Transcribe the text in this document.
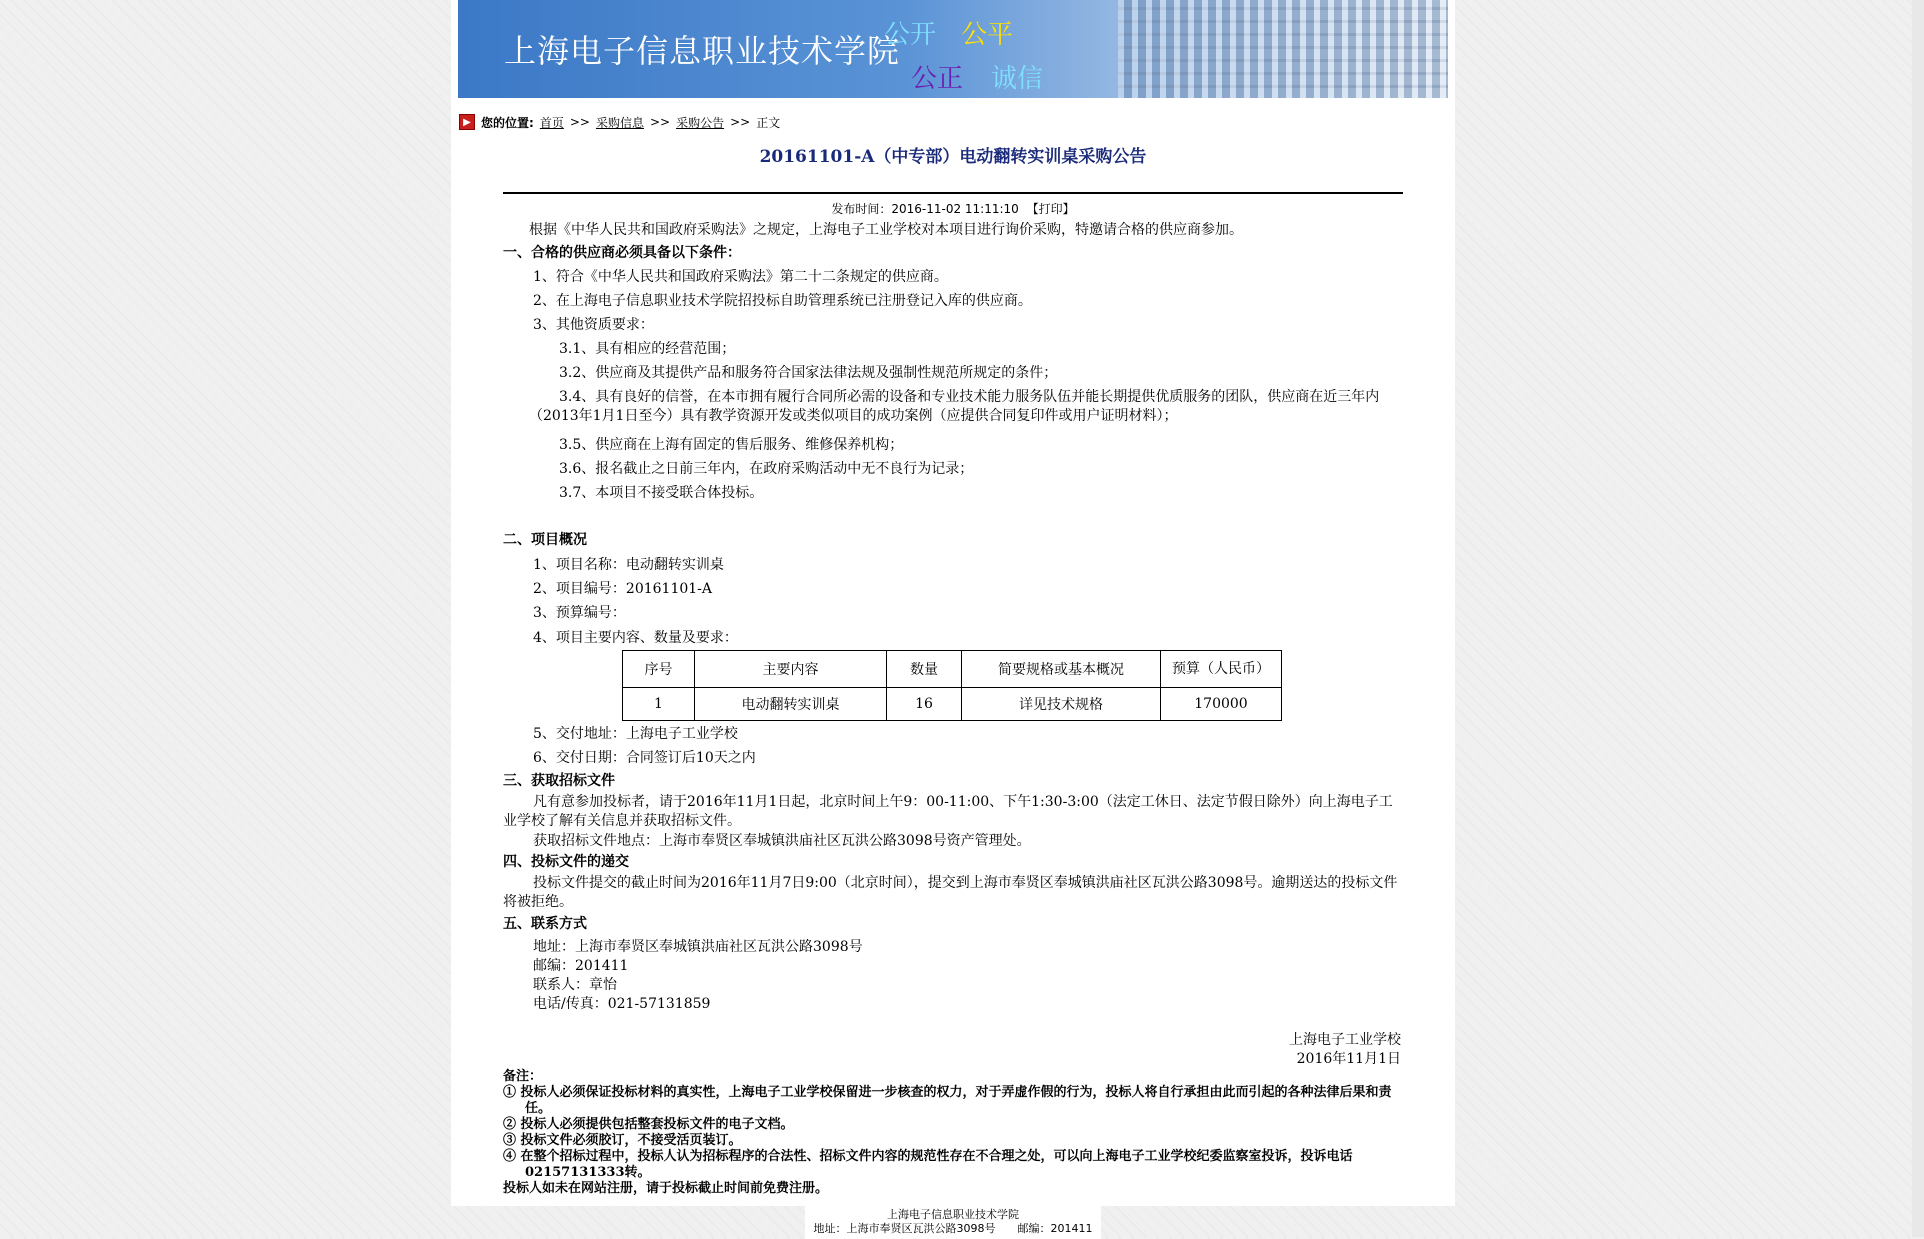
上海电子信息职业技术学院
公开 公平
公正 诚信
▶ 您的位置: 首页 >> 采购信息 >> 采购公告 >> 正文
20161101-A（中专部）电动翻转实训桌采购公告
发布时间：2016-11-02 11:11:10 【打印】
根据《中华人民共和国政府采购法》之规定，上海电子工业学校对本项目进行询价采购，特邀请合格的供应商参加。
一、合格的供应商必须具备以下条件：
1、符合《中华人民共和国政府采购法》第二十二条规定的供应商。
2、在上海电子信息职业技术学院招投标自助管理系统已注册登记入库的供应商。
3、其他资质要求：
3.1、具有相应的经营范围；
3.2、供应商及其提供产品和服务符合国家法律法规及强制性规范所规定的条件；
3.4、具有良好的信誉，在本市拥有履行合同所必需的设备和专业技术能力服务队伍并能长期提供优质服务的团队，供应商在近三年内（2013年1月1日至今）具有教学资源开发或类似项目的成功案例（应提供合同复印件或用户证明材料）；
3.5、供应商在上海有固定的售后服务、维修保养机构；
3.6、报名截止之日前三年内，在政府采购活动中无不良行为记录；
3.7、本项目不接受联合体投标。
二、项目概况
1、项目名称：电动翻转实训桌
2、项目编号：20161101-A
3、预算编号：
4、项目主要内容、数量及要求：
序号	主要内容	数量	简要规格或基本概况	预算（人民币）
1	电动翻转实训桌	16	详见技术规格	170000
5、交付地址：上海电子工业学校
6、交付日期：合同签订后10天之内
三、获取招标文件
凡有意参加投标者，请于2016年11月1日起，北京时间上午9：00-11:00、下午1:30-3:00（法定工休日、法定节假日除外）向上海电子工业学校了解有关信息并获取招标文件。
获取招标文件地点：上海市奉贤区奉城镇洪庙社区瓦洪公路3098号资产管理处。
四、投标文件的递交
投标文件提交的截止时间为2016年11月7日9:00（北京时间），提交到上海市奉贤区奉城镇洪庙社区瓦洪公路3098号。逾期送达的投标文件将被拒绝。
五、联系方式
地址：上海市奉贤区奉城镇洪庙社区瓦洪公路3098号
邮编：201411
联系人：章怡
电话/传真：021-57131859
上海电子工业学校
2016年11月1日

备注：

① 投标人必须保证投标材料的真实性，上海电子工业学校保留进一步核查的权力，对于弄虚作假的行为，投标人将自行承担由此而引起的各种法律后果和责任。

② 投标人必须提供包括整套投标文件的电子文档。

③ 投标文件必须胶订，不接受活页装订。

④ 在整个招标过程中，投标人认为招标程序的合法性、招标文件内容的规范性存在不合理之处，可以向上海电子工业学校纪委监察室投诉，投诉电话02157131333转。

投标人如未在网站注册，请于投标截止时间前免费注册。

上海电子信息职业技术学院
地址：上海市奉贤区瓦洪公路3098号　　邮编：201411
